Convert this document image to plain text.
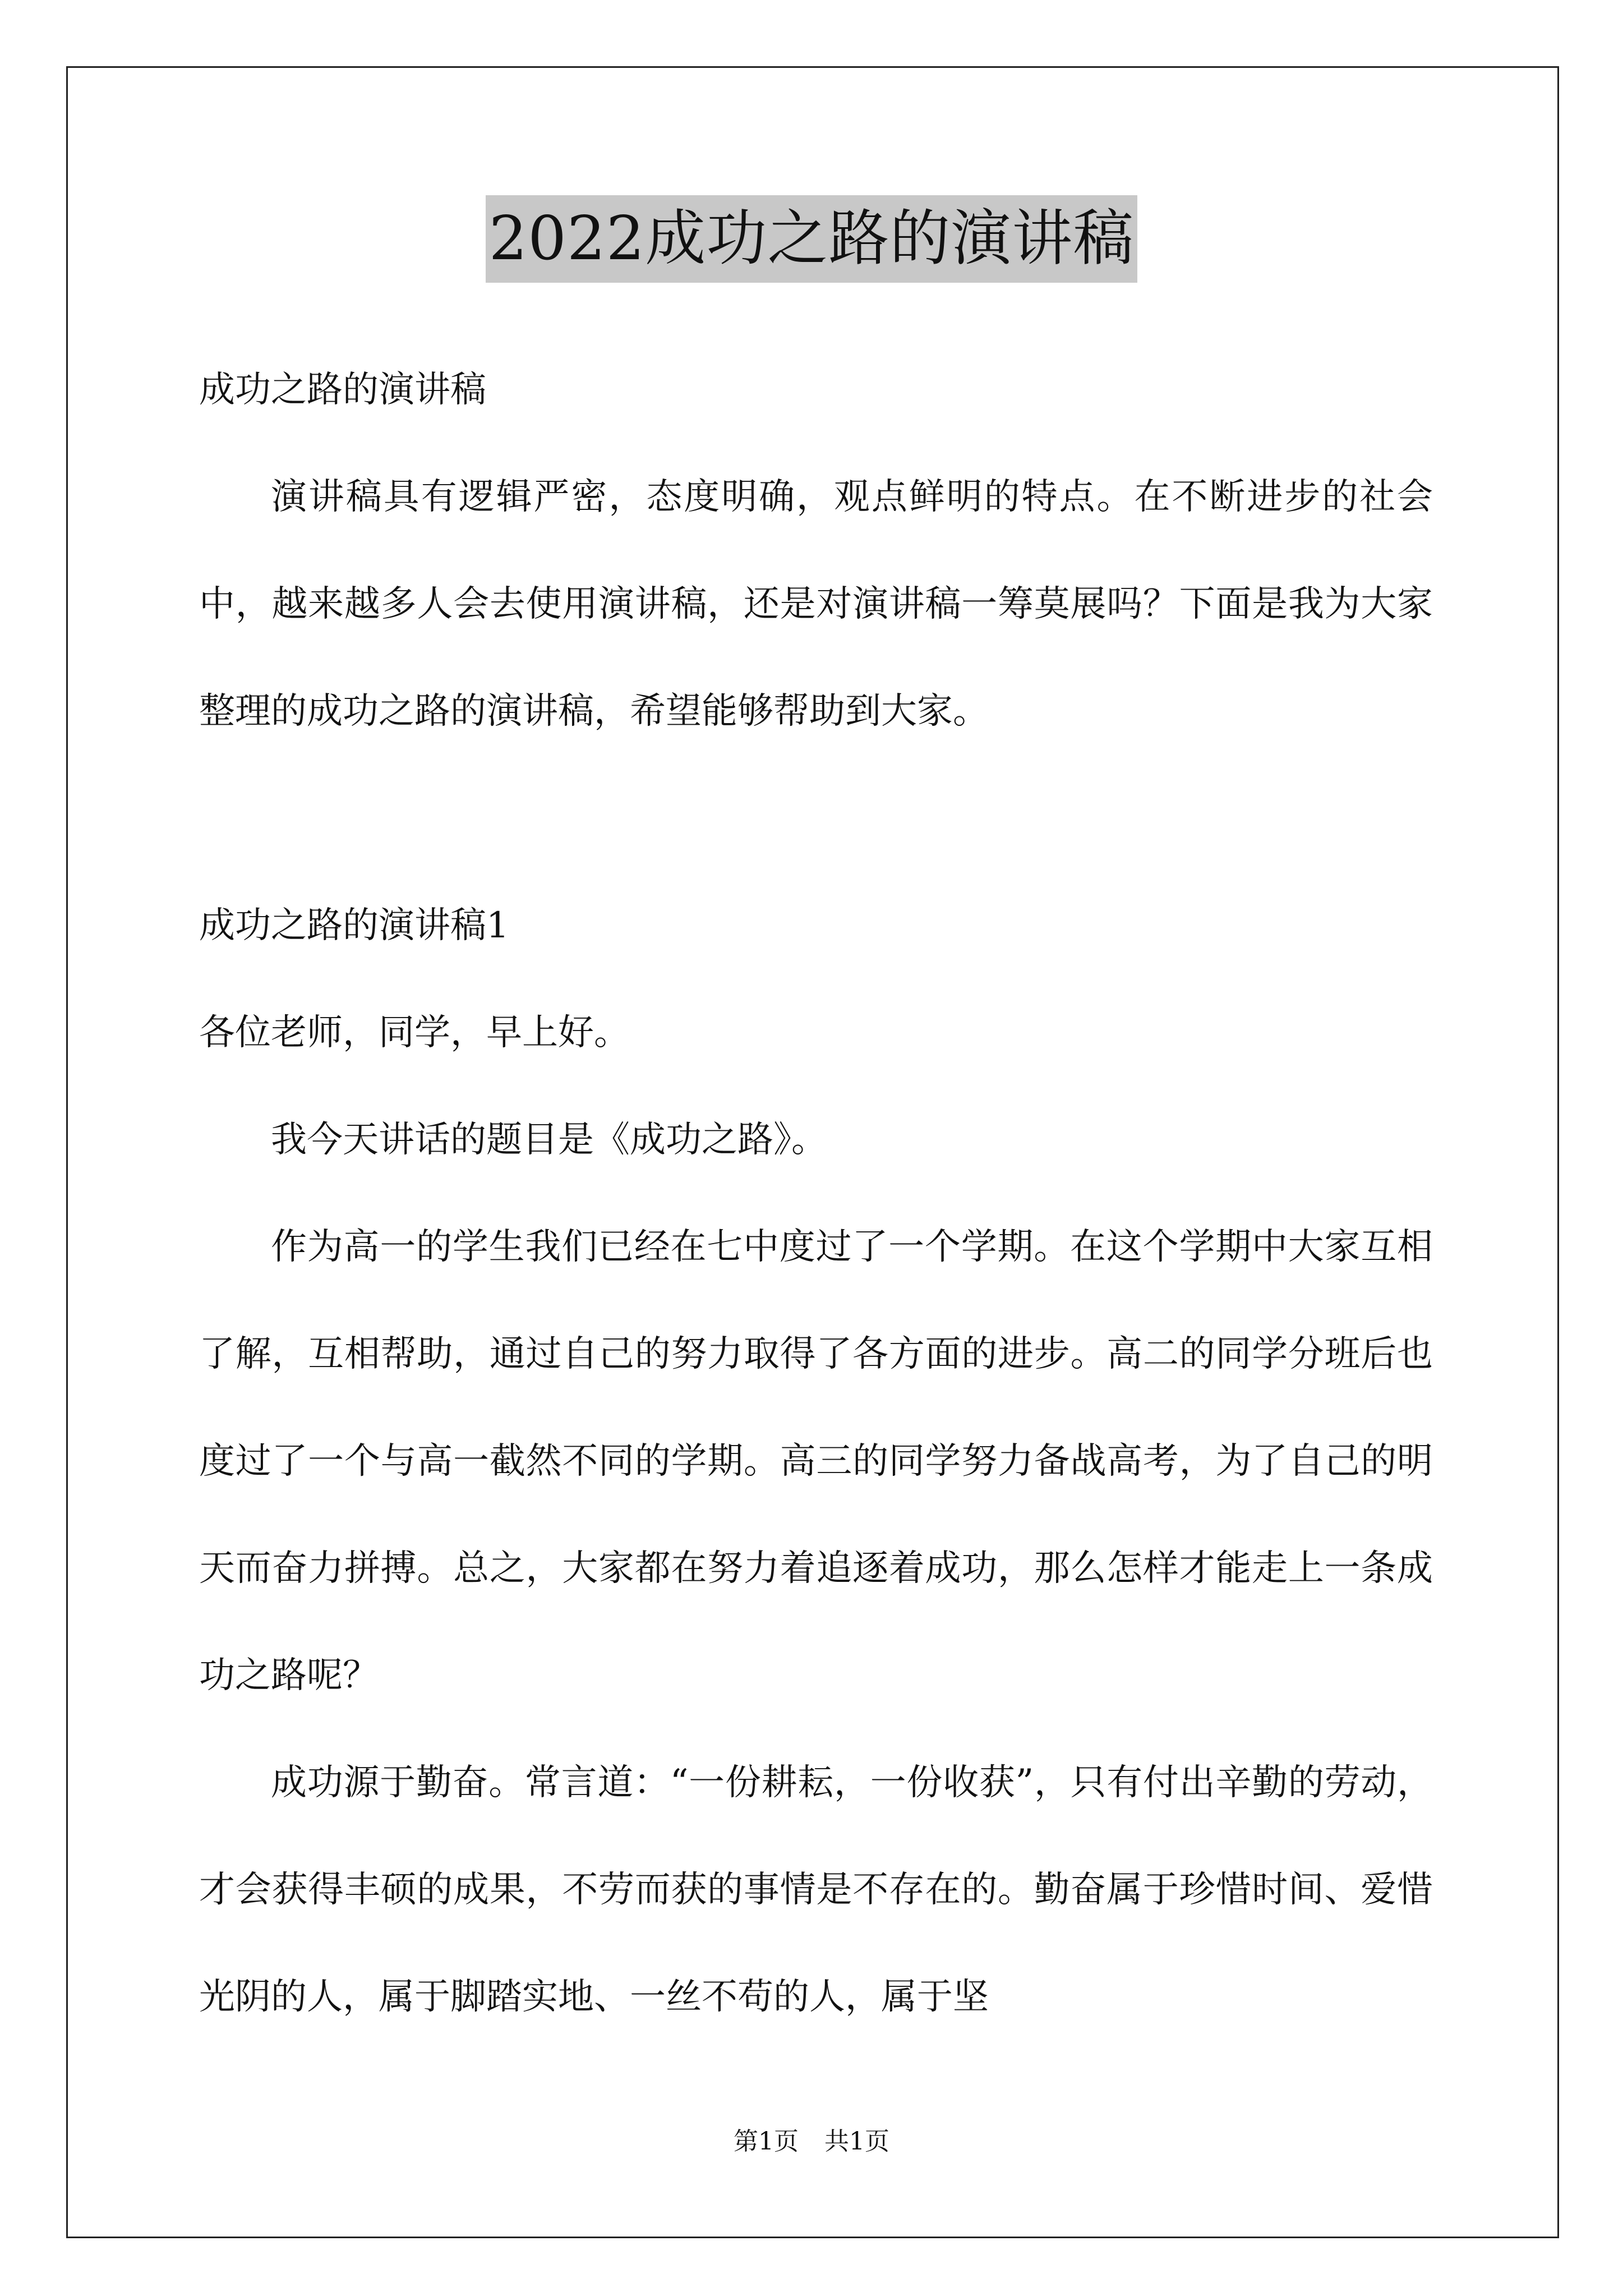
2022成功之路的演讲稿

成功之路的演讲稿

演讲稿具有逻辑严密，态度明确，观点鲜明的特点。在不断进步的社会中，越来越多人会去使用演讲稿，还是对演讲稿一筹莫展吗？下面是我为大家整理的成功之路的演讲稿，希望能够帮助到大家。

成功之路的演讲稿1

各位老师，同学，早上好。

我今天讲话的题目是《成功之路》。

作为高一的学生我们已经在七中度过了一个学期。在这个学期中大家互相了解，互相帮助，通过自己的努力取得了各方面的进步。高二的同学分班后也度过了一个与高一截然不同的学期。高三的同学努力备战高考，为了自己的明天而奋力拼搏。总之，大家都在努力着追逐着成功，那么怎样才能走上一条成功之路呢？

成功源于勤奋。常言道：“一份耕耘，一份收获”，只有付出辛勤的劳动，才会获得丰硕的成果，不劳而获的事情是不存在的。勤奋属于珍惜时间、爱惜光阴的人，属于脚踏实地、一丝不苟的人，属于坚

第1页 共1页
